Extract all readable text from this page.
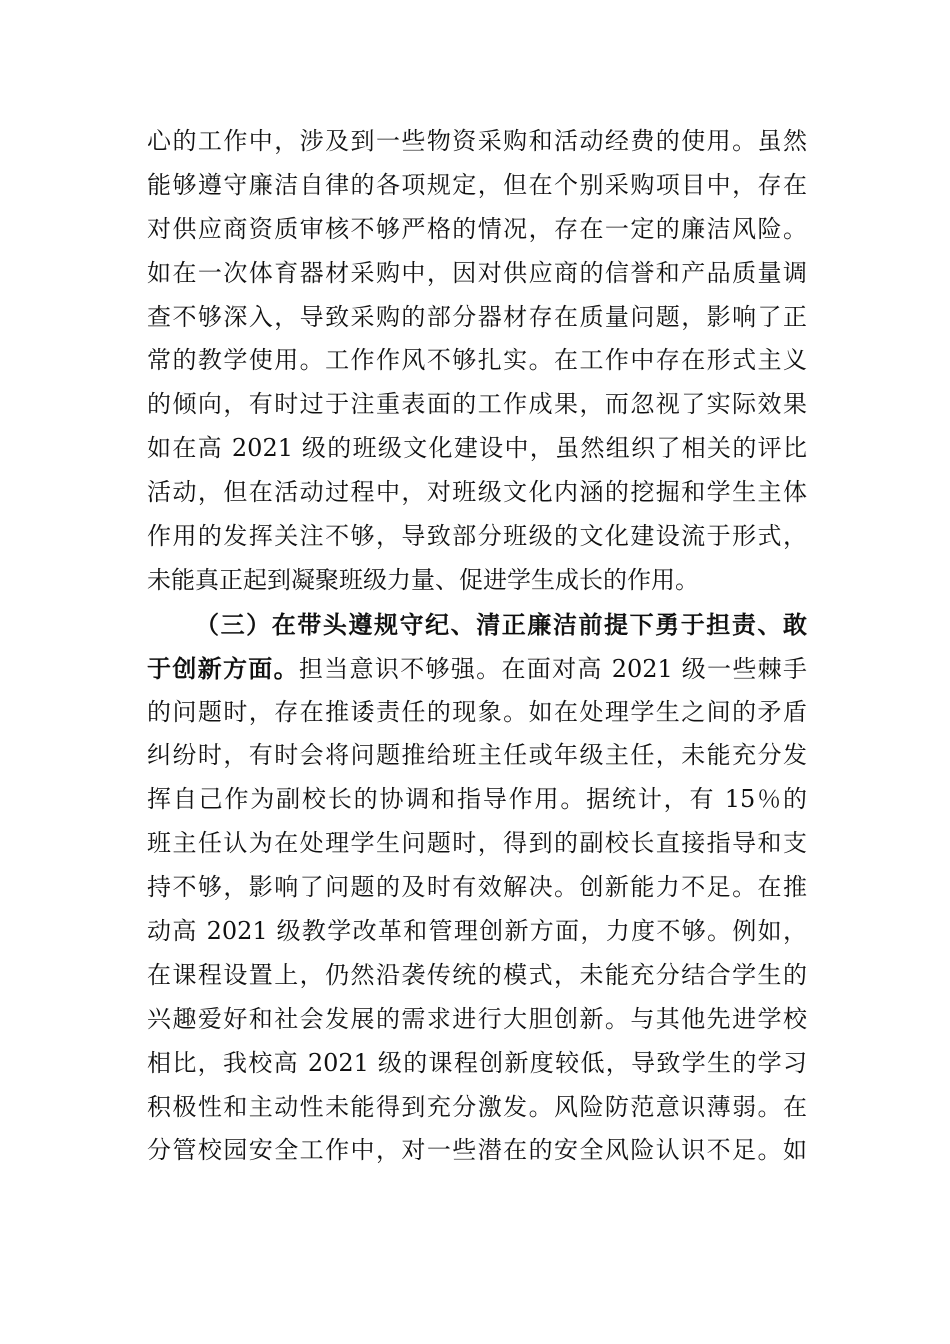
心的工作中，涉及到一些物资采购和活动经费的使用。虽然
能够遵守廉洁自律的各项规定，但在个别采购项目中，存在
对供应商资质审核不够严格的情况，存在一定的廉洁风险。
如在一次体育器材采购中，因对供应商的信誉和产品质量调
查不够深入，导致采购的部分器材存在质量问题，影响了正
常的教学使用。工作作风不够扎实。在工作中存在形式主义
的倾向，有时过于注重表面的工作成果，而忽视了实际效果
如在高 2021 级的班级文化建设中，虽然组织了相关的评比
活动，但在活动过程中，对班级文化内涵的挖掘和学生主体
作用的发挥关注不够，导致部分班级的文化建设流于形式，
未能真正起到凝聚班级力量、促进学生成长的作用。
（三）在带头遵规守纪、清正廉洁前提下勇于担责、敢
于创新方面。担当意识不够强。在面对高 2021 级一些棘手
的问题时，存在推诿责任的现象。如在处理学生之间的矛盾
纠纷时，有时会将问题推给班主任或年级主任，未能充分发
挥自己作为副校长的协调和指导作用。据统计，有 15％的
班主任认为在处理学生问题时，得到的副校长直接指导和支
持不够，影响了问题的及时有效解决。创新能力不足。在推
动高 2021 级教学改革和管理创新方面，力度不够。例如，
在课程设置上，仍然沿袭传统的模式，未能充分结合学生的
兴趣爱好和社会发展的需求进行大胆创新。与其他先进学校
相比，我校高 2021 级的课程创新度较低，导致学生的学习
积极性和主动性未能得到充分激发。风险防范意识薄弱。在
分管校园安全工作中，对一些潜在的安全风险认识不足。如
